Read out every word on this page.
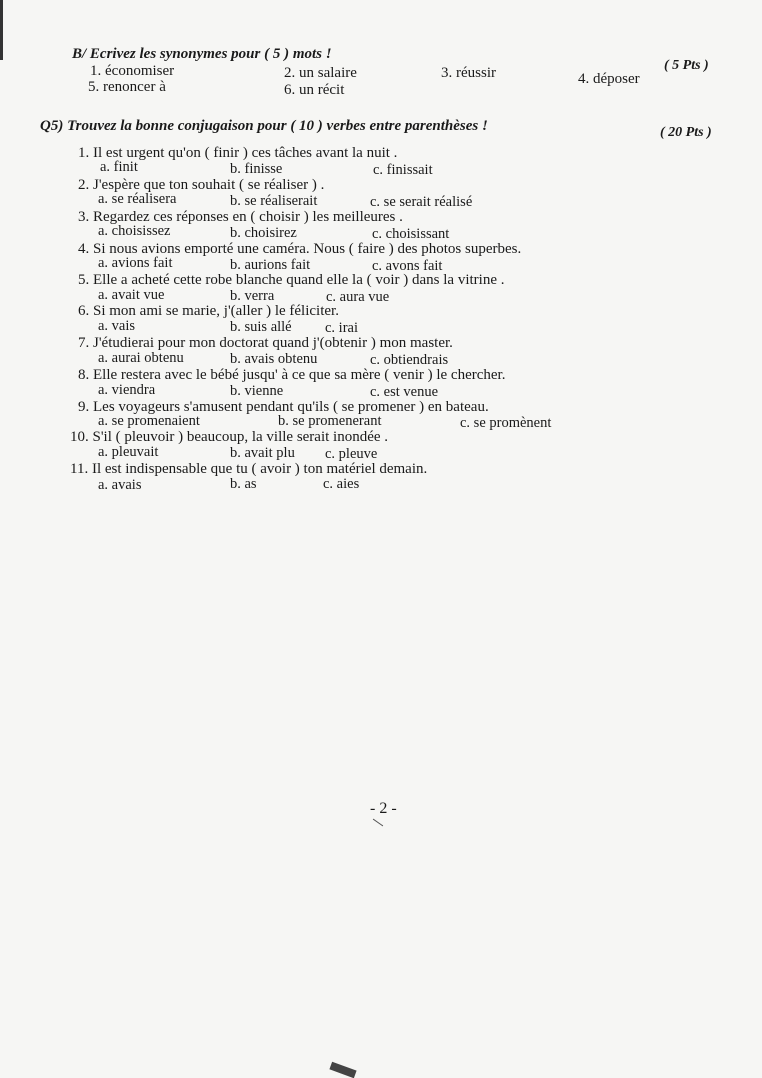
B/ Ecrivez les synonymes pour ( 5 ) mots !
( 5 Pts )
1. économiser	2. un salaire	3. réussir	4. déposer
5. renoncer à	6. un récit
Q5) Trouvez la bonne conjugaison pour ( 10 ) verbes entre parenthèses !	( 20 Pts )
1. Il est urgent qu'on ( finir ) ces tâches avant la nuit .
a. finit	b. finisse	c. finissait
2. J'espère que ton souhait ( se réaliser ) .
a. se réalisera	b. se réaliserait	c. se serait réalisé
3. Regardez ces réponses en ( choisir ) les meilleures .
a. choisissez	b. choisirez	c. choisissant
4. Si nous avions emporté une caméra. Nous ( faire ) des photos superbes.
a. avions fait	b. aurions fait	c. avons fait
5. Elle a acheté cette robe blanche quand elle la ( voir ) dans la vitrine .
a. avait vue	b. verra	c. aura vue
6. Si mon ami se marie, j'(aller ) le féliciter.
a. vais	b. suis allé c. irai
7. J'étudierai pour mon doctorat quand j'(obtenir ) mon master.
a. aurai obtenu	b. avais obtenu	c. obtiendrais
8. Elle restera avec le bébé jusqu' à ce que sa mère ( venir ) le chercher.
a. viendra	b. vienne	c. est venue
9. Les voyageurs s'amusent pendant qu'ils ( se promener ) en bateau.
a. se promenaient	b. se promenerant	c. se promènent
10. S'il ( pleuvoir ) beaucoup, la ville serait inondée .
a. pleuvait	b. avait plu c. pleuve
11. Il est indispensable que tu ( avoir ) ton matériel demain.
a. avais	b. as	c. aies
- 2 -
